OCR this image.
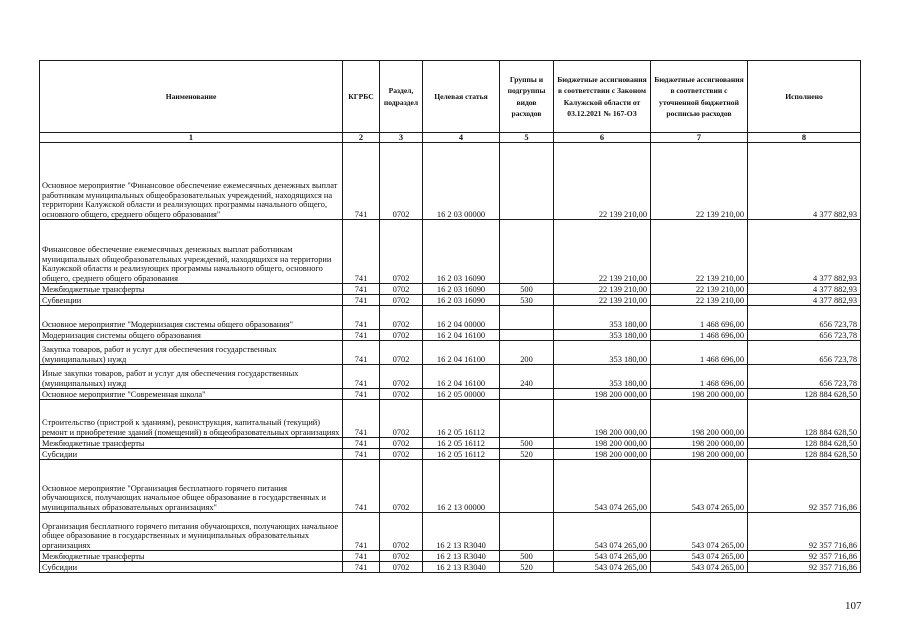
Наименование	КГРБС	Раздел, подраздел	Целевая статья	Группы и подгруппы видов расходов	Бюджетные ассигнования в соответствии с Законом Калужской области от 03.12.2021 № 167-ОЗ	Бюджетные ассигнования в соответствии с уточненной бюджетной росписью расходов	Исполнено
1	2	3	4	5	6	7	8
Основное мероприятие "Финансовое обеспечение ежемесячных денежных выплат работникам муниципальных общеобразовательных учреждений, находящихся на территории Калужской области и реализующих программы начального общего, основного общего, среднего общего образования"	741	0702	16 2 03 00000		22 139 210,00	22 139 210,00	4 377 882,93
Финансовое обеспечение ежемесячных денежных выплат работникам муниципальных общеобразовательных учреждений, находящихся на территории Калужской области и реализующих программы начального общего, основного общего, среднего общего образования	741	0702	16 2 03 16090		22 139 210,00	22 139 210,00	4 377 882,93
Межбюджетные трансферты	741	0702	16 2 03 16090	500	22 139 210,00	22 139 210,00	4 377 882,93
Субвенции	741	0702	16 2 03 16090	530	22 139 210,00	22 139 210,00	4 377 882,93
Основное мероприятие "Модернизация системы общего образования"	741	0702	16 2 04 00000		353 180,00	1 468 696,00	656 723,78
Модернизация системы общего образования	741	0702	16 2 04 16100		353 180,00	1 468 696,00	656 723,78
Закупка товаров, работ и услуг для обеспечения государственных (муниципальных) нужд	741	0702	16 2 04 16100	200	353 180,00	1 468 696,00	656 723,78
Иные закупки товаров, работ и услуг для обеспечения государственных (муниципальных) нужд	741	0702	16 2 04 16100	240	353 180,00	1 468 696,00	656 723,78
Основное мероприятие "Современная школа"	741	0702	16 2 05 00000		198 200 000,00	198 200 000,00	128 884 628,50
Строительство (пристрой к зданиям), реконструкция, капитальный (текущий) ремонт и приобретение зданий (помещений) в общеобразовательных организациях	741	0702	16 2 05 16112		198 200 000,00	198 200 000,00	128 884 628,50
Межбюджетные трансферты	741	0702	16 2 05 16112	500	198 200 000,00	198 200 000,00	128 884 628,50
Субсидии	741	0702	16 2 05 16112	520	198 200 000,00	198 200 000,00	128 884 628,50
Основное мероприятие "Организация бесплатного горячего питания обучающихся, получающих начальное общее образование в государственных и муниципальных образовательных организациях"	741	0702	16 2 13 00000		543 074 265,00	543 074 265,00	92 357 716,86
Организация бесплатного горячего питания обучающихся, получающих начальное общее образование в государственных и муниципальных образовательных организациях	741	0702	16 2 13 R3040		543 074 265,00	543 074 265,00	92 357 716,86
Межбюджетные трансферты	741	0702	16 2 13 R3040	500	543 074 265,00	543 074 265,00	92 357 716,86
Субсидии	741	0702	16 2 13 R3040	520	543 074 265,00	543 074 265,00	92 357 716,86
107
